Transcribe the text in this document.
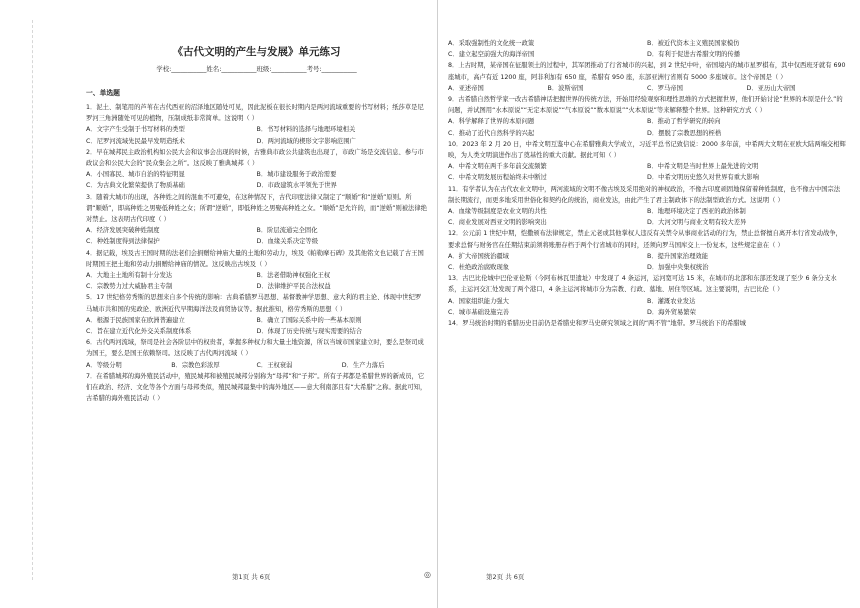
《古代文明的产生与发展》单元练习
学校:___________姓名:___________班级:___________考号:___________
一、单选题

1．泥土、制笔用的芦苇在古代西亚的沼泽地区随处可见，因此泥板在很长时期内是两河流域重要的书写材料；纸莎草是尼罗河三角洲随处可见的植物，压制成纸非常简单。这说明（ ）

A．文字产生受制于书写材料的类型	B．书写材料的选择与地理环境相关
C．尼罗河流域先民最早发明造纸术	D．两河流域的楔形文字影响范围广

2．早在城邦民主政治机构如公民大会和议事会出现的时候，古雅典市政公共建筑也出现了，市政广场是交流信息、参与市政议会和公民大会的“民众集会之所”。这反映了雅典城邦（ ）

A．小国寡民、城市自治的特征明显	B．城市建设服务于政治需要
C．为古典文化繁荣提供了物质基础	D．市政建筑水平领先于世界

3．随着大城市的出现，各种姓之间的混血不可避免，在这种情况下，古代印度法律又制定了“顺婚”和“逆婚”原则。所谓“顺婚”，即高种姓之男娶低种姓之女；所谓“逆婚”，即低种姓之男娶高种姓之女。“顺婚”是允许的，而“逆婚”则被法律绝对禁止。这表明古代印度（ ）

A．经济发展突破种姓制度	B．阶层流通完全固化
C．种姓制度得到法律保护	D．血缘关系决定等级

4．据记载，埃及古王国时期的法老们会捐赠给神庙大量的土地和劳动力，埃及《帕勒摩石碑》及其他铭文也记载了古王国时期国王把土地和劳动力捐赠给神庙的情况。这反映出古埃及（ ）

A．大地主土地所有制十分发达	B．法老借助神权强化王权
C．宗教势力过大威胁君主专制	D．法律维护平民合法权益

5．17 世纪格劳秀斯的思想来自多个传统的影响：古典希腊罗马思想、基督教神学思想、意大利的君主论、体现中世纪罗马城市共和国的宪政论、欧洲近代早期海洋法及商贸协议等。据此推知，格劳秀斯的思想（ ）

A．根源于民族国家在欧洲普遍建立	B．确立了国际关系中的一些基本原则
C．旨在建立近代化外交关系制度体系	D．体现了历史传统与现实需要的结合

6．古代两河流域，祭司是社会各阶层中的权贵者，掌握多种权力和大量土地资源，所以当城市国家建立时，要么是祭司成为国王，要么是国王依赖祭司。这反映了古代两河流域（ ）

A．等级分明	B．宗教色彩浓厚	C．王权衰弱	D．生产力落后

7．在希腊城邦的海外殖民活动中，殖民城邦和被殖民城邦分别称为“母邦”和“子邦”。所有子邦都是希腊世界的新成员，它们在政治、经济、文化等各个方面与母邦类似，殖民城邦最集中的海外地区——意大利南部且有“大希腊”之称。据此可知，古希腊的海外殖民活动（ ）

A．采取强制性的文化统一政策	B．被近代资本主义殖民国家模仿
C．建立起空前强大的海洋帝国	D．有利于促进古希腊文明的传播

8．上古时期，某帝国在征服领土的过程中，其军团推动了行省城市的兴起，到 2 世纪中叶，帝国境内的城市星罗棋布，其中仅西班牙就有 690 座城市，高卢有近 1200 座，阿非利加有 650 座，希腊有 950 座，东部亚洲行省则有 5000 多座城市。这个帝国是（ ）

A．亚述帝国	B．波斯帝国	C．罗马帝国	D．亚历山大帝国

9．古希腊自然哲学家一改古希腊神话把握世界的传统方法，开始用经验观察和理性思维的方式把握世界，他们开始讨论“世界的本原是什么”的问题，并试图用“水本原说”“无定本原说”“气本原说”“数本原说”“火本原说”等来解释整个世界。这种研究方式（ ）

A．科学解释了世界的本原问题	B．推动了哲学研究的转向
C．推动了近代自然科学的兴起	D．摆脱了宗教思想的桎梏

10．2023 年 2 月 20 日，中希文明互鉴中心在希腊雅典大学成立，习近平总书记致信说：2000 多年前，中希两大文明在亚欧大陆两端交相辉映，为人类文明演进作出了奠基性的重大贡献。据此可知（ ）

A．中希文明在两千多年前交流频繁	B．中希文明是当时世界上最先进的文明
C．中希文明发展历程始终未中断过	D．中希文明历史悠久对世界有重大影响

11．有学者认为在古代农业文明中，两河流域的文明不像古埃及采用绝对的神权政治，不像古印度顽固地保留着种姓制度，也不像古中国宗法制长期流行，而更多地采用世俗化和契约化的统治，商业发达，由此产生了君主制政体下的法制型政治方式。这说明（ ）

A．血缘等级制度是农业文明的共性	B．地理环境决定了西亚的政治体制
C．商业发展对西亚文明的影响突出	D．大河文明与商业文明有较大差异

12．公元前 1 世纪中期，恺撒颁布法律规定，禁止元老或其他掌权人违反有关禁令从事商业活动的行为，禁止总督擅自离开本行省发动战争，要求总督与财务官在任期结束前须将账册存档于两个行省城市的同时，还须向罗马国库交上一份复本，这些规定意在（ ）

A．扩大帝国统治疆域	B．提升国家治理效能
C．杜绝政治腐败现象	D．加强中央集权统治

13．古巴比伦城中巴伦亚伦斯（今阿布林瓦里遗址）中发现了 4 条运河，运河宽可达 15 米，在城市的北部和东部还发现了至少 6 条分支水系，主运河交汇处发现了两个港口，4 条主运河将城市分为宗教、行政、墓地、居住等区域。这主要说明，古巴比伦（ ）

A．国家组织能力强大	B．灌溉农业发达
C．城市基础设施完善	D．海外贸易繁荣

14．罗马统治时期的希腊历史目前仍是希腊史和罗马史研究领域之间的“两不管”地带。罗马统治下的希腊城

第1页 共 6页	◎	第2页 共 6页
